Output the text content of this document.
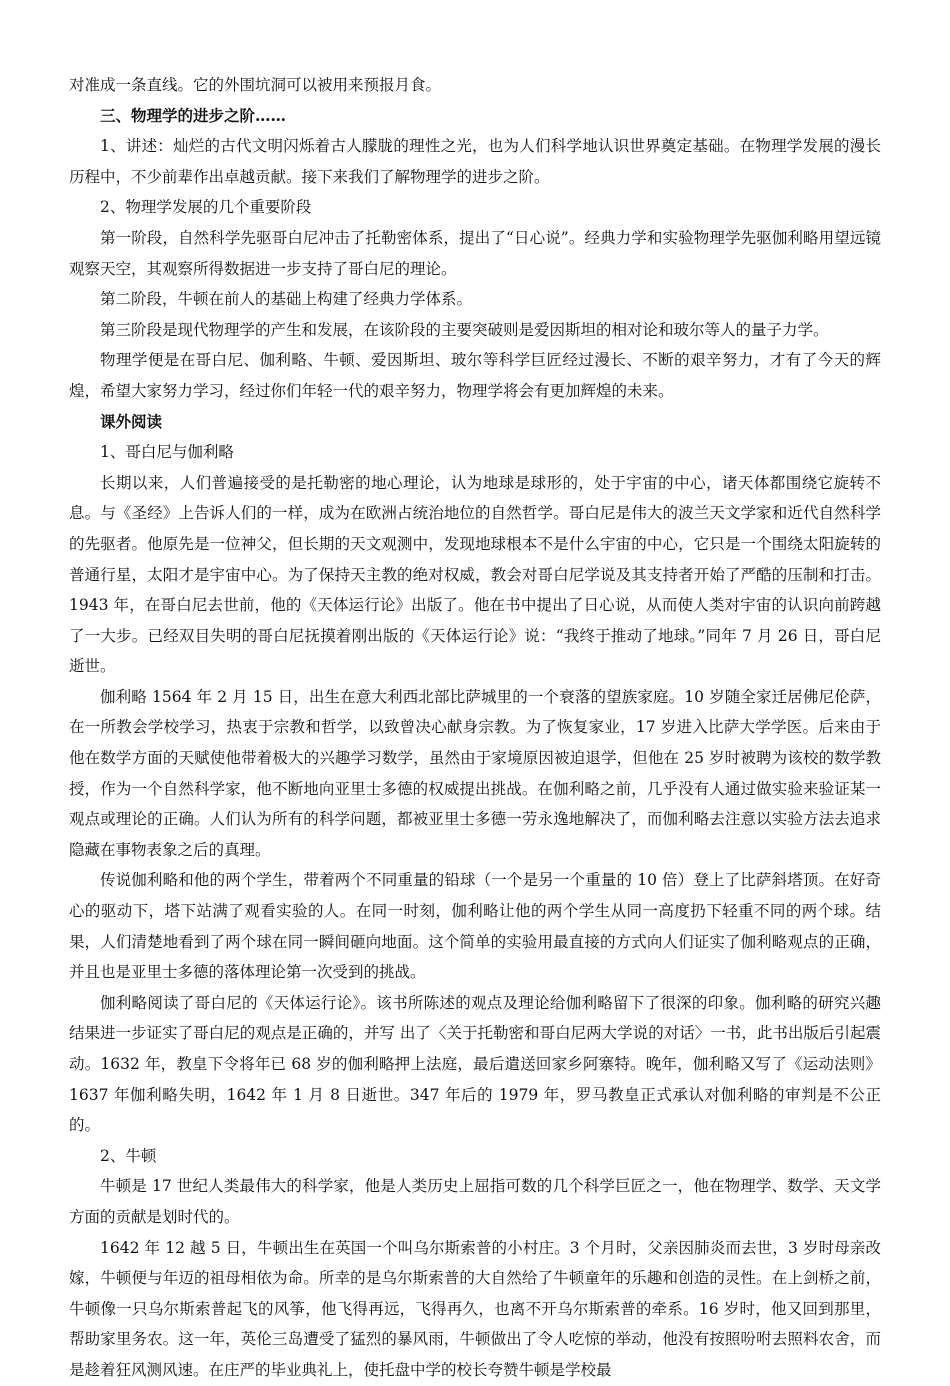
对准成一条直线。它的外围坑洞可以被用来预报月食。

三、物理学的进步之阶……

1、讲述：灿烂的古代文明闪烁着古人朦胧的理性之光，也为人们科学地认识世界奠定基础。在物理学发展的漫长历程中，不少前辈作出卓越贡献。接下来我们了解物理学的进步之阶。

2、物理学发展的几个重要阶段

第一阶段，自然科学先驱哥白尼冲击了托勒密体系，提出了“日心说”。经典力学和实验物理学先驱伽利略用望远镜观察天空，其观察所得数据进一步支持了哥白尼的理论。

第二阶段，牛顿在前人的基础上构建了经典力学体系。

第三阶段是现代物理学的产生和发展，在该阶段的主要突破则是爱因斯坦的相对论和玻尔等人的量子力学。

物理学便是在哥白尼、伽利略、牛顿、爱因斯坦、玻尔等科学巨匠经过漫长、不断的艰辛努力，才有了今天的辉煌，希望大家努力学习，经过你们年轻一代的艰辛努力，物理学将会有更加辉煌的未来。

课外阅读

1、哥白尼与伽利略

长期以来，人们普遍接受的是托勒密的地心理论，认为地球是球形的，处于宇宙的中心，诸天体都围绕它旋转不息。与《圣经》上告诉人们的一样，成为在欧洲占统治地位的自然哲学。哥白尼是伟大的波兰天文学家和近代自然科学的先驱者。他原先是一位神父，但长期的天文观测中，发现地球根本不是什么宇宙的中心，它只是一个围绕太阳旋转的普通行星，太阳才是宇宙中心。为了保持天主教的绝对权威，教会对哥白尼学说及其支持者开始了严酷的压制和打击。1943 年，在哥白尼去世前，他的《天体运行论》出版了。他在书中提出了日心说，从而使人类对宇宙的认识向前跨越了一大步。已经双目失明的哥白尼抚摸着刚出版的《天体运行论》说：“我终于推动了地球。”同年 7 月 26 日，哥白尼逝世。

伽利略 1564 年 2 月 15 日，出生在意大利西北部比萨城里的一个衰落的望族家庭。10 岁随全家迁居佛尼伦萨，在一所教会学校学习，热衷于宗教和哲学，以致曾决心献身宗教。为了恢复家业，17 岁进入比萨大学学医。后来由于他在数学方面的天赋使他带着极大的兴趣学习数学，虽然由于家境原因被迫退学，但他在 25 岁时被聘为该校的数学教授，作为一个自然科学家，他不断地向亚里士多德的权威提出挑战。在伽利略之前，几乎没有人通过做实验来验证某一观点或理论的正确。人们认为所有的科学问题，都被亚里士多德一劳永逸地解决了，而伽利略去注意以实验方法去追求隐藏在事物表象之后的真理。

传说伽利略和他的两个学生，带着两个不同重量的铅球（一个是另一个重量的 10 倍）登上了比萨斜塔顶。在好奇心的驱动下，塔下站满了观看实验的人。在同一时刻，伽利略让他的两个学生从同一高度扔下轻重不同的两个球。结果，人们清楚地看到了两个球在同一瞬间砸向地面。这个简单的实验用最直接的方式向人们证实了伽利略观点的正确，并且也是亚里士多德的落体理论第一次受到的挑战。

伽利略阅读了哥白尼的《天体运行论》。该书所陈述的观点及理论给伽利略留下了很深的印象。伽利略的研究兴趣结果进一步证实了哥白尼的观点是正确的，并写 出了〈关于托勒密和哥白尼两大学说的对话〉一书，此书出版后引起震动。1632 年，教皇下令将年已 68 岁的伽利略押上法庭，最后遣送回家乡阿寨特。晚年，伽利略又写了《运动法则》1637 年伽利略失明，1642 年 1 月 8 日逝世。347 年后的 1979 年，罗马教皇正式承认对伽利略的审判是不公正的。

2、牛顿

牛顿是 17 世纪人类最伟大的科学家，他是人类历史上屈指可数的几个科学巨匠之一，他在物理学、数学、天文学方面的贡献是划时代的。

1642 年 12 越 5 日，牛顿出生在英国一个叫乌尔斯索普的小村庄。3 个月时，父亲因肺炎而去世，3 岁时母亲改嫁，牛顿便与年迈的祖母相依为命。所幸的是乌尔斯索普的大自然给了牛顿童年的乐趣和创造的灵性。在上剑桥之前，牛顿像一只乌尔斯索普起飞的风筝，他飞得再远，飞得再久，也离不开乌尔斯索普的牵系。16 岁时，他又回到那里，帮助家里务农。这一年，英伦三岛遭受了猛烈的暴风雨，牛顿做出了令人吃惊的举动，他没有按照吩咐去照料农舍，而是趁着狂风测风速。在庄严的毕业典礼上，使托盘中学的校长夸赞牛顿是学校最
